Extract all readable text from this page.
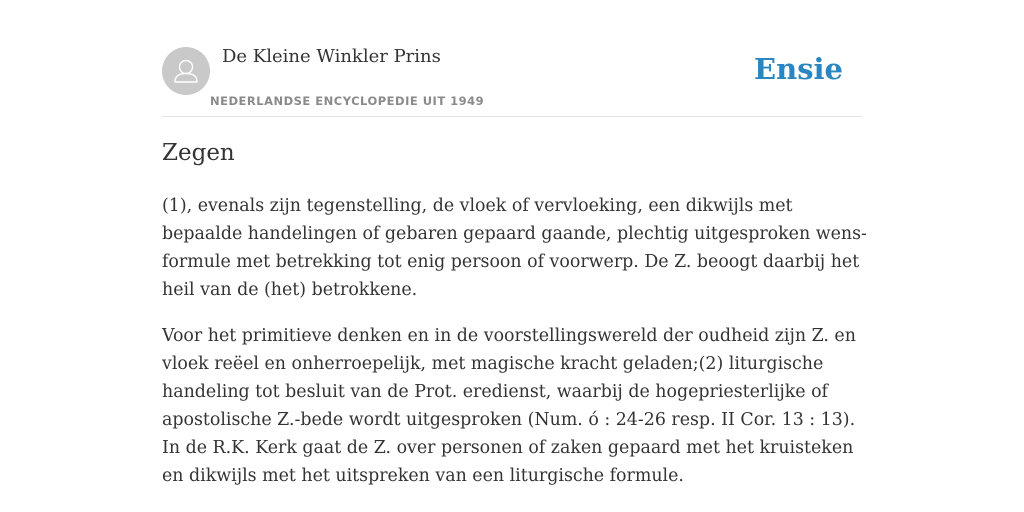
De Kleine Winkler Prins
NEDERLANDSE ENCYCLOPEDIE UIT 1949
Ensie
Zegen

(1), evenals zijn tegenstelling, de vloek of vervloeking, een dikwijls met bepaalde handelingen of gebaren gepaard gaande, plechtig uitgesproken wens-formule met betrekking tot enig persoon of voorwerp. De Z. beoogt daarbij het heil van de (het) betrokkene.

Voor het primitieve denken en in de voorstellingswereld der oudheid zijn Z. en vloek reëel en onherroepelijk, met magische kracht geladen;(2) liturgische handeling tot besluit van de Prot. eredienst, waarbij de hogepriesterlijke of apostolische Z.-bede wordt uitgesproken (Num. ó : 24-26 resp. II Cor. 13 : 13). In de R.K. Kerk gaat de Z. over personen of zaken gepaard met het kruisteken en dikwijls met het uitspreken van een liturgische formule.
